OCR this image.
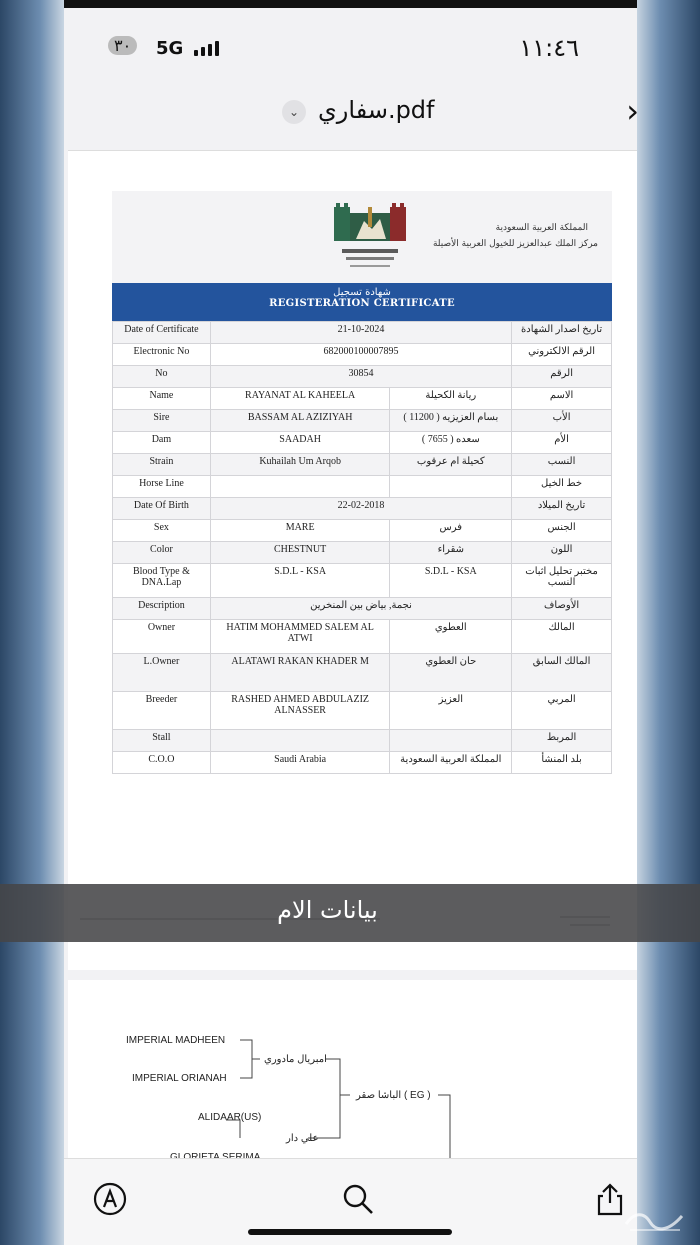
٣٠	5G	١١:٤٦
⌄ سفاري.pdf	›
المملكة العربية السعودية
مركز الملك عبدالعزيز للخيول العربية الأصيلة
شهادة تسجيل
REGISTERATION CERTIFICATE
Date of Certificate	21-10-2024		تاريخ اصدار الشهادة
Electronic No	682000100007895		الرقم الالكتروني
No	30854		الرقم
Name	RAYANAT AL KAHEELA	ريانة الكحيلة	الاسم
Sire	BASSAM AL AZIZIYAH	بسام العزيزيه ( 11200 )	الأب
Dam	SAADAH	سعده ( 7655 )	الأم
Strain	Kuhailah Um Arqob	كحيلة ام عرقوب	النسب
Horse Line			خط الخيل
Date Of Birth	22-02-2018		تاريخ الميلاد
Sex	MARE	فرس	الجنس
Color	CHESTNUT	شقراء	اللون
Blood Type & DNA.Lap	S.D.L - KSA	S.D.L - KSA	مختبر تحليل اثبات النسب
Description	نجمة, بياض بين المنخرين		الأوصاف
Owner	HATIM MOHAMMED SALEM AL ATWI	العطوي	المالك
L.Owner	ALATAWI RAKAN KHADER M	حان العطوي	المالك السابق
Breeder	RASHED AHMED ABDULAZIZ ALNASSER	العزيز	المربي
Stall			المربط
C.O.O	Saudi Arabia	المملكة العربية السعودية	بلد المنشأ
IMPERIAL MADHEEN
IMPERIAL ORIANAH
امبريال مادوري
الباشا صقر ( EG )
ALIDAAR(US)
علي دار
بيانات الام
